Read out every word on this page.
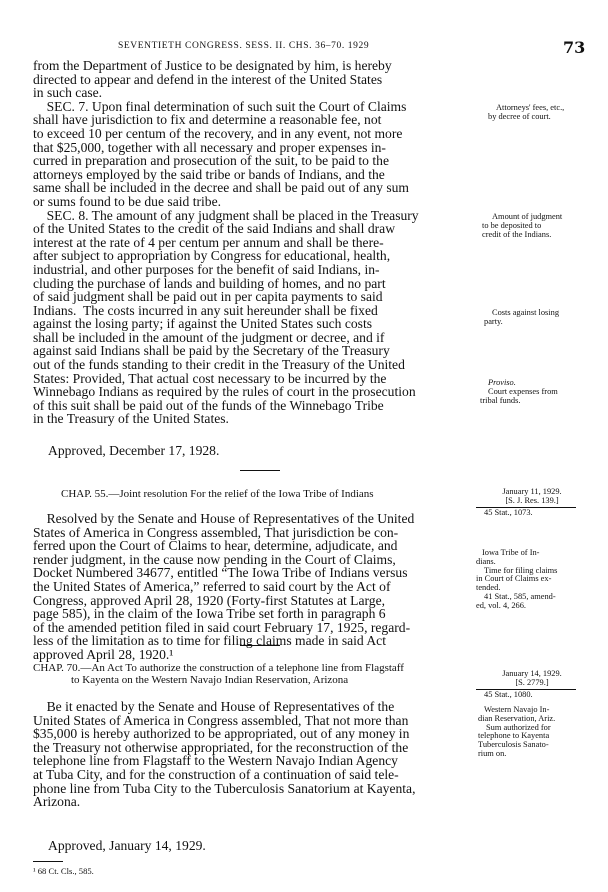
SEVENTIETH CONGRESS. SESS. II. CHS. 36–70. 1929	73

from the Department of Justice to be designated by him, is hereby

directed to appear and defend in the interest of the United States

in such case.

SEC. 7. Upon final determination of such suit the Court of Claims

shall have jurisdiction to fix and determine a reasonable fee, not

to exceed 10 per centum of the recovery, and in any event, not more

that $25,000, together with all necessary and proper expenses in-

curred in preparation and prosecution of the suit, to be paid to the

attorneys employed by the said tribe or bands of Indians, and the

same shall be included in the decree and shall be paid out of any sum

or sums found to be due said tribe.

SEC. 8. The amount of any judgment shall be placed in the Treasury

of the United States to the credit of the said Indians and shall draw

interest at the rate of 4 per centum per annum and shall be there-

after subject to appropriation by Congress for educational, health,

industrial, and other purposes for the benefit of said Indians, in-

cluding the purchase of lands and building of homes, and no part

of said judgment shall be paid out in per capita payments to said

Indians.  The costs incurred in any suit hereunder shall be fixed

against the losing party; if against the United States such costs

shall be included in the amount of the judgment or decree, and if

against said Indians shall be paid by the Secretary of the Treasury

out of the funds standing to their credit in the Treasury of the United

States: Provided, That actual cost necessary to be incurred by the

Winnebago Indians as required by the rules of court in the prosecution

of this suit shall be paid out of the funds of the Winnebago Tribe

in the Treasury of the United States.

Approved, December 17, 1928.

Attorneys' fees, etc.,

by decree of court.

Amount of judgment

to be deposited to

credit of the Indians.

Costs against losing

party.

Proviso.

Court expenses from

tribal funds.

CHAP. 55.—Joint resolution For the relief of the Iowa Tribe of Indians	January 11, 1929.

[S. J. Res. 139.]

45 Stat., 1073.

Resolved by the Senate and House of Representatives of the United

States of America in Congress assembled, That jurisdiction be con-

ferred upon the Court of Claims to hear, determine, adjudicate, and

render judgment, in the cause now pending in the Court of Claims,

Docket Numbered 34677, entitled “The Iowa Tribe of Indians versus

the United States of America,” referred to said court by the Act of

Congress, approved April 28, 1920 (Forty-first Statutes at Large,

page 585), in the claim of the Iowa Tribe set forth in paragraph 6

of the amended petition filed in said court February 17, 1925, regard-

less of the limitation as to time for filing claims made in said Act

approved April 28, 1920.¹

Iowa Tribe of In-

dians.

Time for filing claims

in Court of Claims ex-

tended.

41 Stat., 585, amend-

ed, vol. 4, 266.

CHAP. 70.—An Act To authorize the construction of a telephone line from Flagstaff
to Kayenta on the Western Navajo Indian Reservation, Arizona

January 14, 1929.

[S. 2779.]

45 Stat., 1080.

Be it enacted by the Senate and House of Representatives of the

United States of America in Congress assembled, That not more than

$35,000 is hereby authorized to be appropriated, out of any money in

the Treasury not otherwise appropriated, for the reconstruction of the

telephone line from Flagstaff to the Western Navajo Indian Agency

at Tuba City, and for the construction of a continuation of said tele-

phone line from Tuba City to the Tuberculosis Sanatorium at Kayenta,

Arizona.

Approved, January 14, 1929.

Western Navajo In-

dian Reservation, Ariz.

Sum authorized for

telephone to Kayenta

Tuberculosis Sanato-

rium on.

¹ 68 Ct. Cls., 585.
